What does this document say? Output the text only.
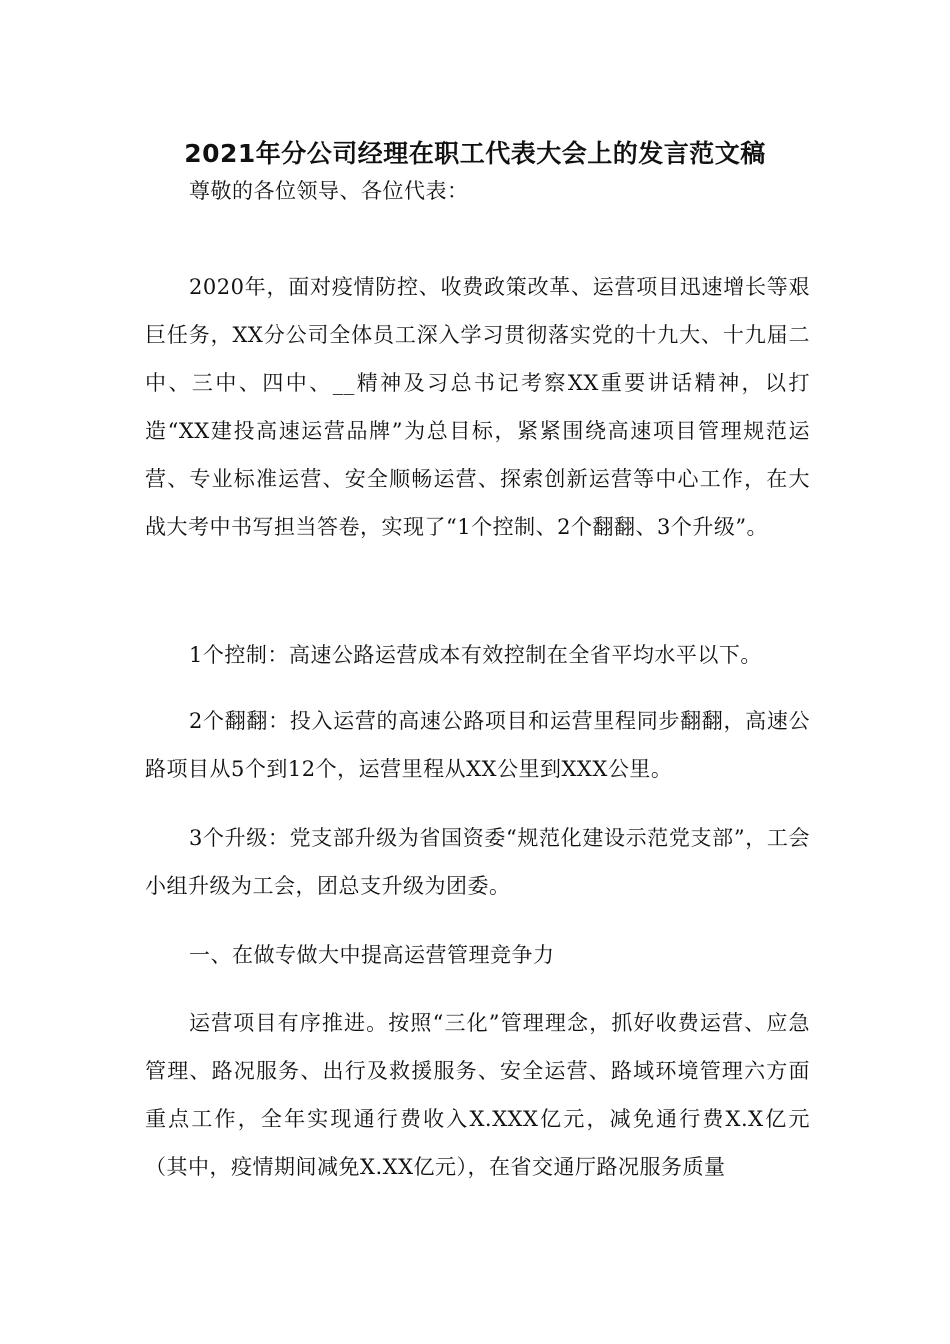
2021年分公司经理在职工代表大会上的发言范文稿

尊敬的各位领导、各位代表：

2020年，面对疫情防控、收费政策改革、运营项目迅速增长等艰巨任务，XX分公司全体员工深入学习贯彻落实党的十九大、十九届二中、三中、四中、__精神及习总书记考察XX重要讲话精神，以打造“XX建投高速运营品牌”为总目标，紧紧围绕高速项目管理规范运营、专业标准运营、安全顺畅运营、探索创新运营等中心工作，在大战大考中书写担当答卷，实现了“1个控制、2个翻翻、3个升级”。

1个控制：高速公路运营成本有效控制在全省平均水平以下。

2个翻翻：投入运营的高速公路项目和运营里程同步翻翻，高速公路项目从5个到12个，运营里程从XX公里到XXX公里。

3个升级：党支部升级为省国资委“规范化建设示范党支部”，工会小组升级为工会，团总支升级为团委。

一、在做专做大中提高运营管理竞争力

运营项目有序推进。按照“三化”管理理念，抓好收费运营、应急管理、路况服务、出行及救援服务、安全运营、路域环境管理六方面重点工作，全年实现通行费收入X.XXX亿元，减免通行费X.X亿元（其中，疫情期间减免X.XX亿元），在省交通厅路况服务质量
